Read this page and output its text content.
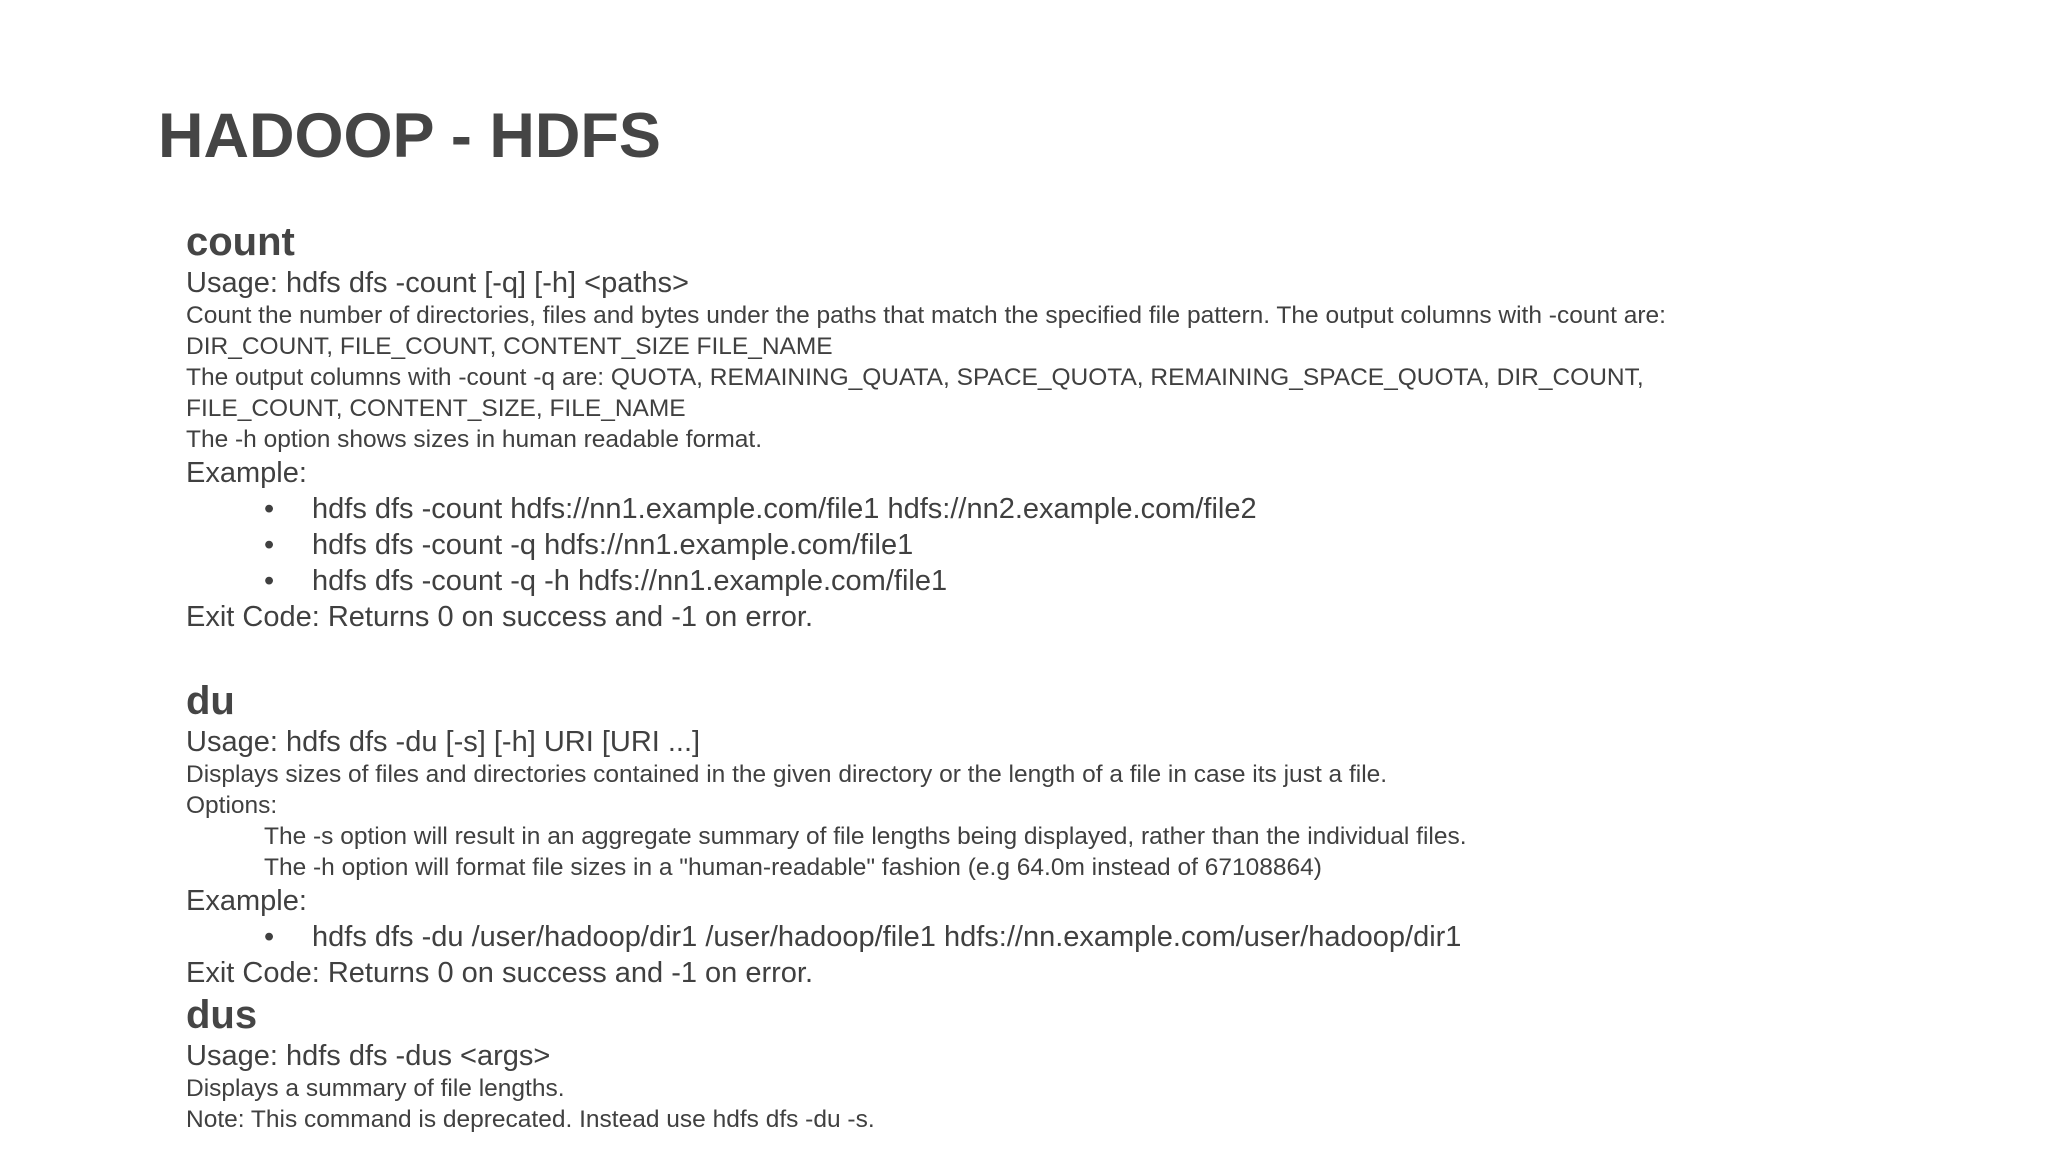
HADOOP - HDFS
count
Usage: hdfs dfs -count [-q] [-h] <paths>
Count the number of directories, files and bytes under the paths that match the specified file pattern. The output columns with -count are:
DIR_COUNT, FILE_COUNT, CONTENT_SIZE FILE_NAME
The output columns with -count -q are: QUOTA, REMAINING_QUATA, SPACE_QUOTA, REMAINING_SPACE_QUOTA, DIR_COUNT,
FILE_COUNT, CONTENT_SIZE, FILE_NAME
The -h option shows sizes in human readable format.
Example:
• hdfs dfs -count hdfs://nn1.example.com/file1 hdfs://nn2.example.com/file2
• hdfs dfs -count -q hdfs://nn1.example.com/file1
• hdfs dfs -count -q -h hdfs://nn1.example.com/file1
Exit Code: Returns 0 on success and -1 on error.
du
Usage: hdfs dfs -du [-s] [-h] URI [URI ...]
Displays sizes of files and directories contained in the given directory or the length of a file in case its just a file.
Options:
The -s option will result in an aggregate summary of file lengths being displayed, rather than the individual files.
The -h option will format file sizes in a "human-readable" fashion (e.g 64.0m instead of 67108864)
Example:
• hdfs dfs -du /user/hadoop/dir1 /user/hadoop/file1 hdfs://nn.example.com/user/hadoop/dir1
Exit Code: Returns 0 on success and -1 on error.
dus
Usage: hdfs dfs -dus <args>
Displays a summary of file lengths.
Note: This command is deprecated. Instead use hdfs dfs -du -s.
